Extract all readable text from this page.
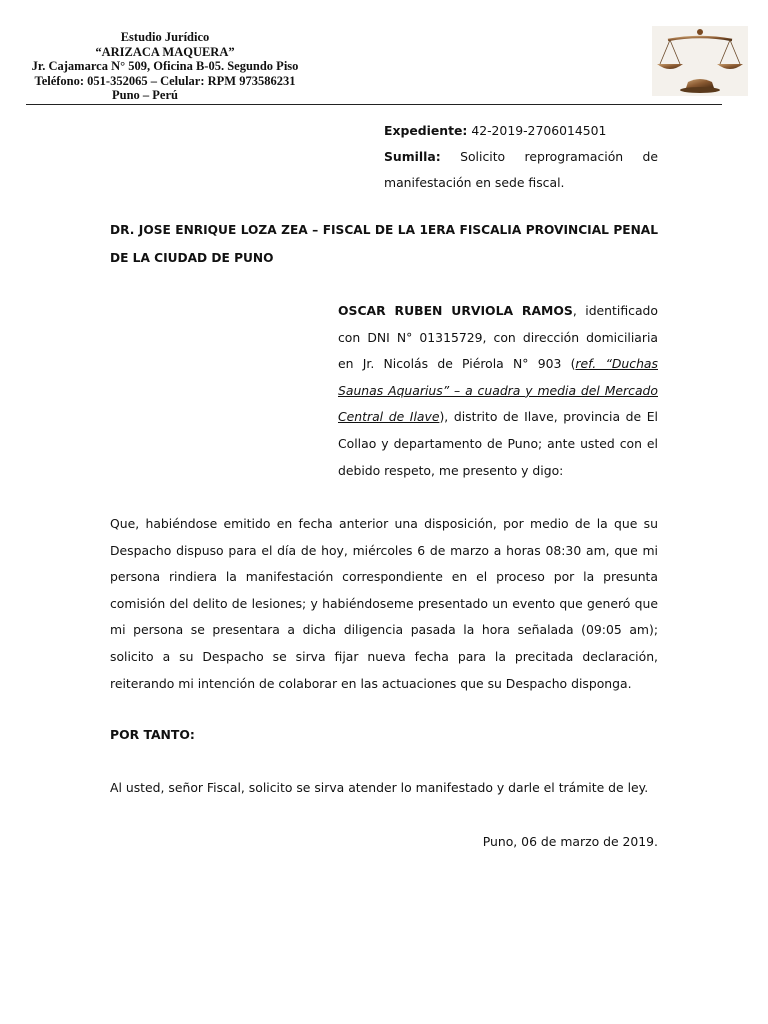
Estudio Jurídico
“ARIZACA MAQUERA”
Jr. Cajamarca N° 509, Oficina B-05. Segundo Piso
Teléfono: 051-352065 – Celular: RPM 973586231
Puno – Perú
Expediente: 42-2019-2706014501
Sumilla: Solicito reprogramación de
manifestación en sede fiscal.
DR. JOSE ENRIQUE LOZA ZEA – FISCAL DE LA 1ERA FISCALIA PROVINCIAL PENAL DE LA CIUDAD DE PUNO
OSCAR RUBEN URVIOLA RAMOS, identificado con DNI N° 01315729, con dirección domiciliaria en Jr. Nicolás de Piérola N° 903 (ref. “Duchas Saunas Aquarius” – a cuadra y media del Mercado Central de Ilave), distrito de Ilave, provincia de El Collao y departamento de Puno; ante usted con el debido respeto, me presento y digo:
Que, habiéndose emitido en fecha anterior una disposición, por medio de la que su Despacho dispuso para el día de hoy, miércoles 6 de marzo a horas 08:30 am, que mi persona rindiera la manifestación correspondiente en el proceso por la presunta comisión del delito de lesiones; y habiéndoseme presentado un evento que generó que mi persona se presentara a dicha diligencia pasada la hora señalada (09:05 am); solicito a su Despacho se sirva fijar nueva fecha para la precitada declaración, reiterando mi intención de colaborar en las actuaciones que su Despacho disponga.
POR TANTO:
Al usted, señor Fiscal, solicito se sirva atender lo manifestado y darle el trámite de ley.
Puno, 06 de marzo de 2019.
